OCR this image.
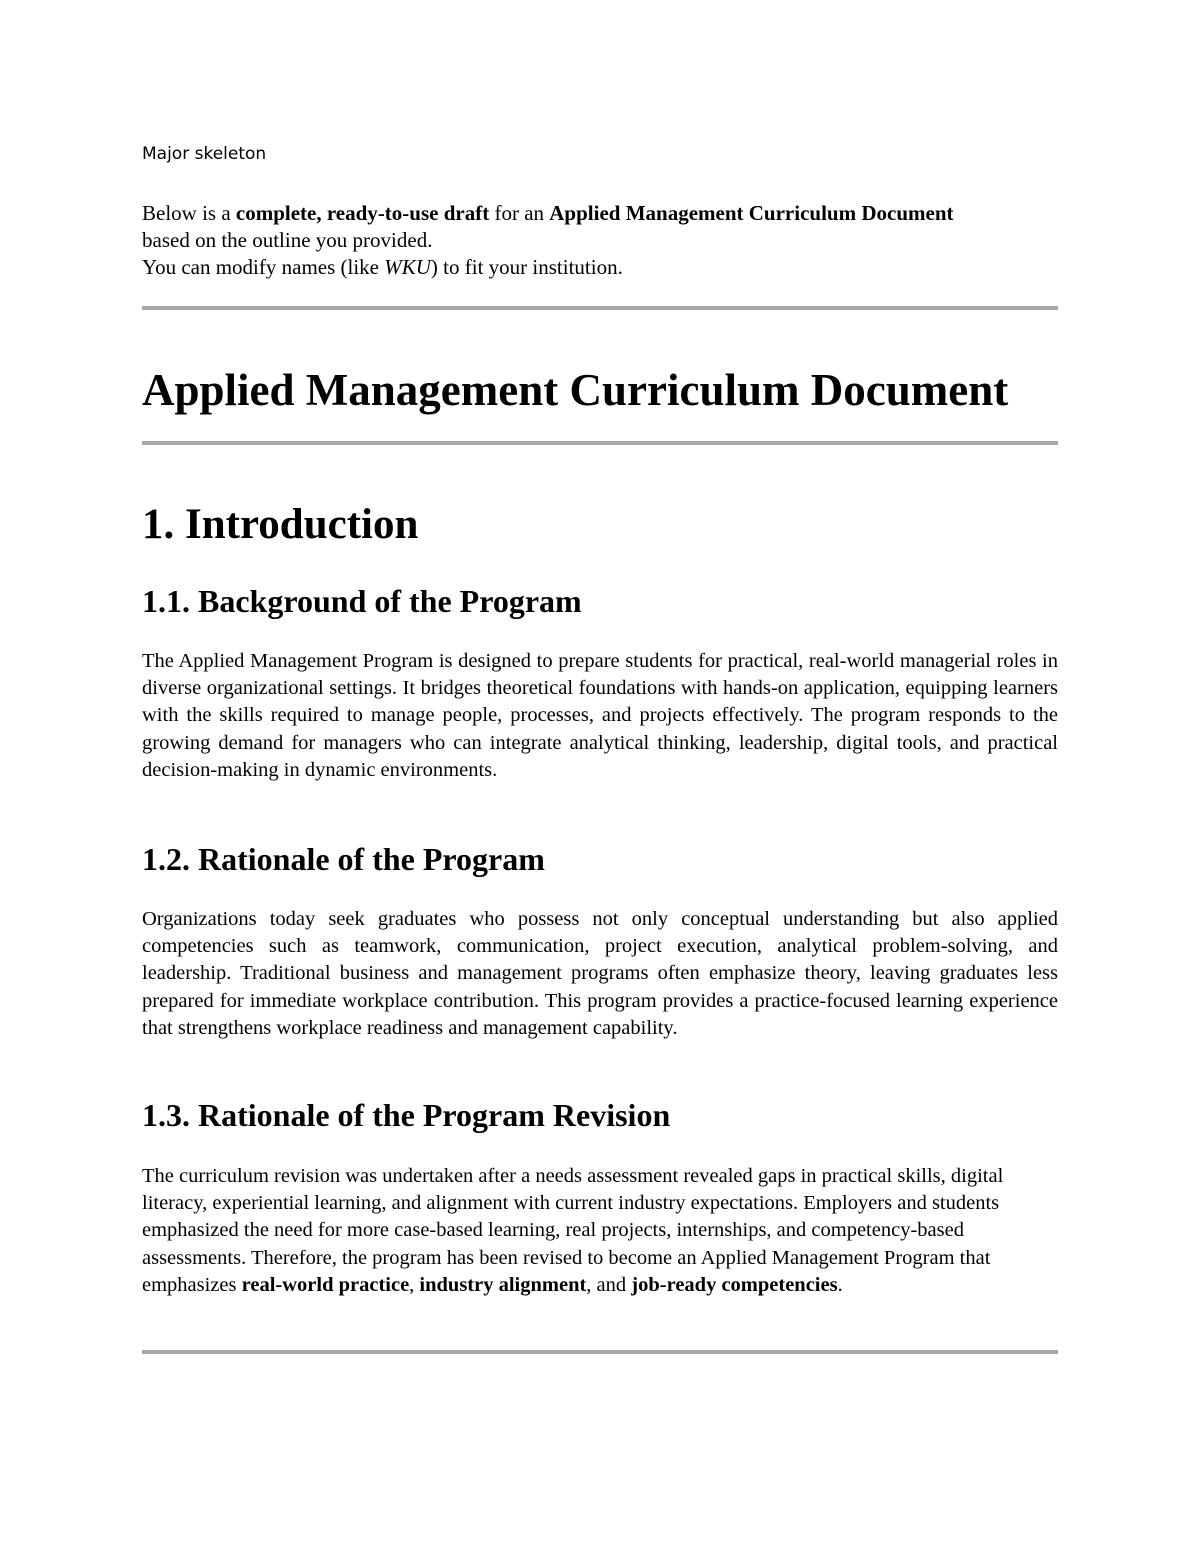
Major skeleton

Below is a complete, ready-to-use draft for an Applied Management Curriculum Document

based on the outline you provided.

You can modify names (like WKU) to fit your institution.

Applied Management Curriculum Document
1. Introduction
1.1. Background of the Program

The Applied Management Program is designed to prepare students for practical, real-world managerial roles in diverse organizational settings. It bridges theoretical foundations with hands-on application, equipping learners with the skills required to manage people, processes, and projects effectively. The program responds to the growing demand for managers who can integrate analytical thinking, leadership, digital tools, and practical decision-making in dynamic environments.

1.2. Rationale of the Program

Organizations today seek graduates who possess not only conceptual understanding but also applied competencies such as teamwork, communication, project execution, analytical problem-solving, and leadership. Traditional business and management programs often emphasize theory, leaving graduates less prepared for immediate workplace contribution. This program provides a practice-focused learning experience that strengthens workplace readiness and management capability.

1.3. Rationale of the Program Revision

The curriculum revision was undertaken after a needs assessment revealed gaps in practical skills, digital literacy, experiential learning, and alignment with current industry expectations. Employers and students emphasized the need for more case-based learning, real projects, internships, and competency-based assessments. Therefore, the program has been revised to become an Applied Management Program that emphasizes real-world practice, industry alignment, and job-ready competencies.
